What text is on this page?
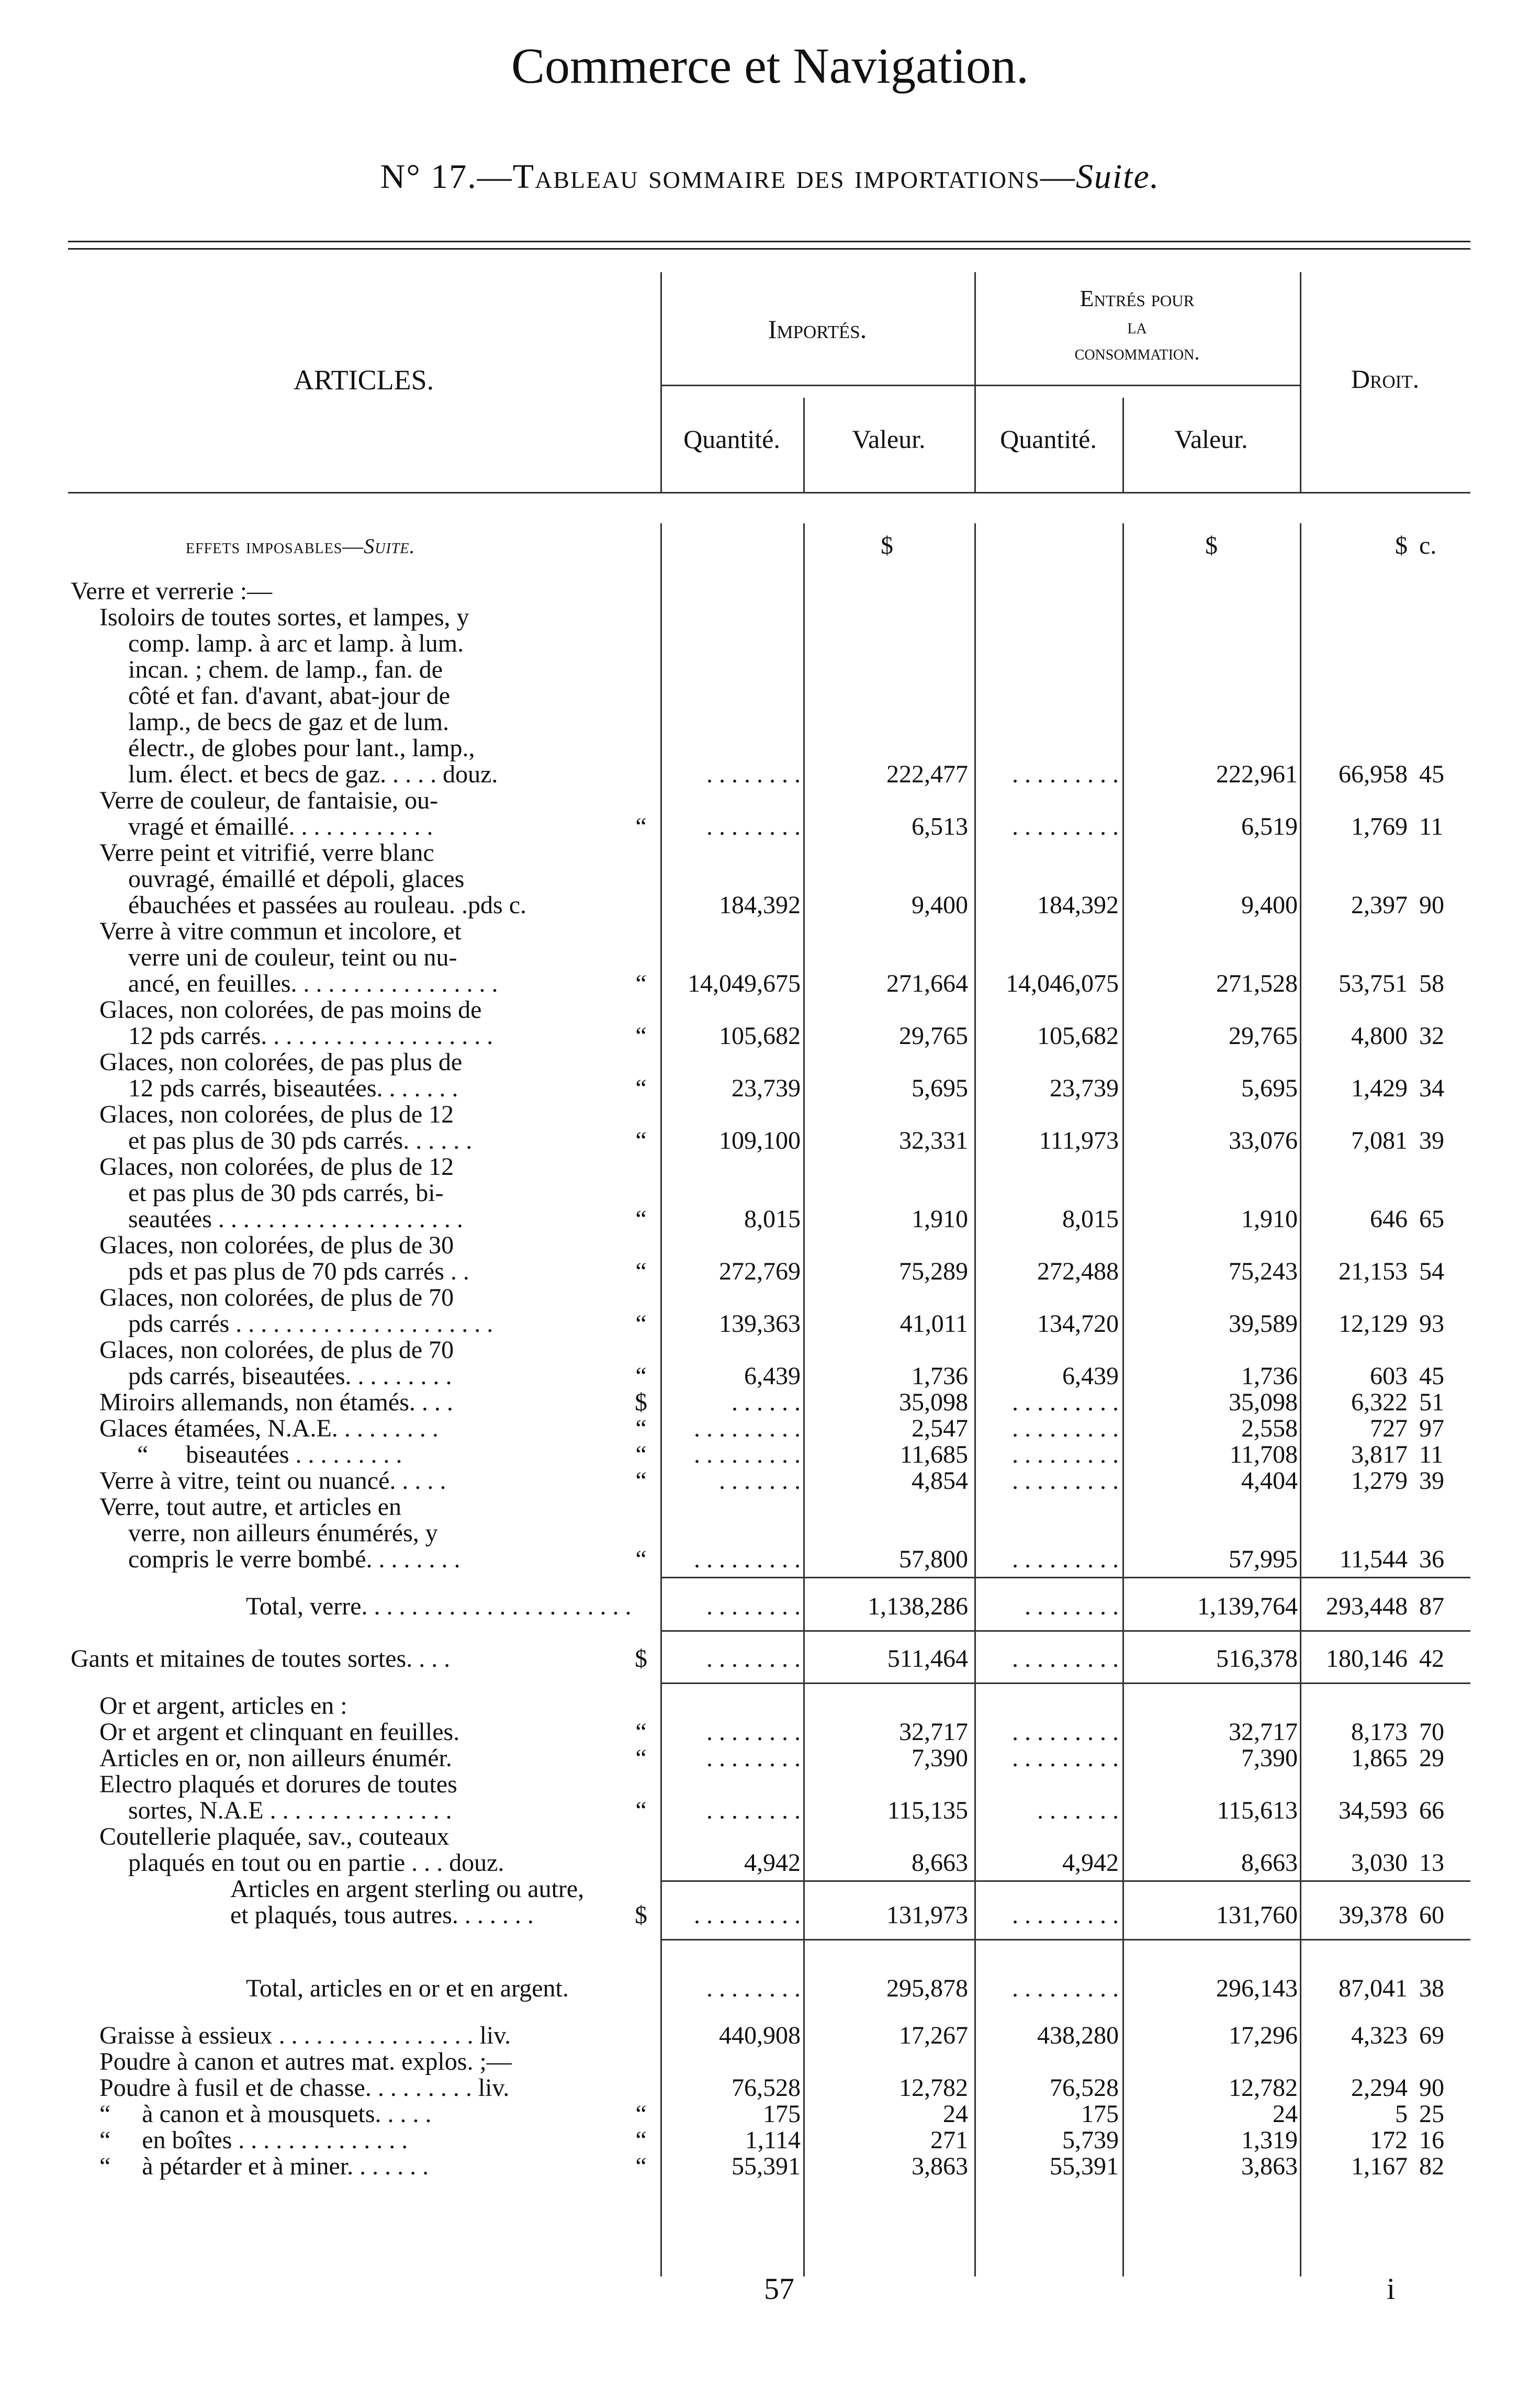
Commerce et Navigation.
N° 17.—Tableau sommaire des importations—Suite.
ARTICLES.
Importés.
Entrés pour
la
consommation.
Droit.
Quantité.	Valeur.	Quantité.	Valeur.
effets imposables—Suite.	$	$	$ c.
Verre et verrerie :—
Isoloirs de toutes sortes, et lampes, y
comp. lamp. à arc et lamp. à lum.
incan. ; chem. de lamp., fan. de
côté et fan. d'avant, abat-jour de
lamp., de becs de gaz et de lum.
électr., de globes pour lant., lamp.,
lum. élect. et becs de gaz. . . . . douz.	. . . . . . . .	222,477	. . . . . . . . .	222,961	66,958 45
Verre de couleur, de fantaisie, ou-
vragé et émaillé. . . . . . . . . . . .	“	. . . . . . . .	6,513	. . . . . . . . .	6,519	1,769 11
Verre peint et vitrifié, verre blanc
ouvragé, émaillé et dépoli, glaces
ébauchées et passées au rouleau. .pds c.	184,392	9,400	184,392	9,400	2,397 90
Verre à vitre commun et incolore, et
verre uni de couleur, teint ou nu-
ancé, en feuilles. . . . . . . . . . . . . . . . .	“	14,049,675	271,664	14,046,075	271,528	53,751 58
Glaces, non colorées, de pas moins de
12 pds carrés. . . . . . . . . . . . . . . . . . .	“	105,682	29,765	105,682	29,765	4,800 32
Glaces, non colorées, de pas plus de
12 pds carrés, biseautées. . . . . . .	“	23,739	5,695	23,739	5,695	1,429 34
Glaces, non colorées, de plus de 12
et pas plus de 30 pds carrés. . . . . .	“	109,100	32,331	111,973	33,076	7,081 39
Glaces, non colorées, de plus de 12
et pas plus de 30 pds carrés, bi-
seautées . . . . . . . . . . . . . . . . . . . .	“	8,015	1,910	8,015	1,910	646 65
Glaces, non colorées, de plus de 30
pds et pas plus de 70 pds carrés . .	“	272,769	75,289	272,488	75,243	21,153 54
Glaces, non colorées, de plus de 70
pds carrés . . . . . . . . . . . . . . . . . . . . .	“	139,363	41,011	134,720	39,589	12,129 93
Glaces, non colorées, de plus de 70
pds carrés, biseautées. . . . . . . . .	“	6,439	1,736	6,439	1,736	603 45
Miroirs allemands, non étamés. . . .	$	. . . . . .	35,098	. . . . . . . . .	35,098	6,322 51
Glaces étamées, N.A.E. . . . . . . . .	“	. . . . . . . . .	2,547	. . . . . . . . .	2,558	727 97
“      biseautées . . . . . . . . .	“	. . . . . . . . .	11,685	. . . . . . . . .	11,708	3,817 11
Verre à vitre, teint ou nuancé. . . . .	“	. . . . . . .	4,854	. . . . . . . . .	4,404	1,279 39
Verre, tout autre, et articles en
verre, non ailleurs énumérés, y
compris le verre bombé. . . . . . . .	“	. . . . . . . . .	57,800	. . . . . . . . .	57,995	11,544 36
Total, verre. . . . . . . . . . . . . . . . . . . . . .	. . . . . . . .	1,138,286	. . . . . . . .	1,139,764	293,448 87
Gants et mitaines de toutes sortes. . . .	$	. . . . . . . .	511,464	. . . . . . . . .	516,378	180,146 42
Or et argent, articles en :
Or et argent et clinquant en feuilles.	“	. . . . . . . .	32,717	. . . . . . . . .	32,717	8,173 70
Articles en or, non ailleurs énumér.	“	. . . . . . . .	7,390	. . . . . . . . .	7,390	1,865 29
Electro plaqués et dorures de toutes
sortes, N.A.E . . . . . . . . . . . . . . .	“	. . . . . . . .	115,135	. . . . . . .	115,613	34,593 66
Coutellerie plaquée, sav., couteaux
plaqués en tout ou en partie . . . douz.	4,942	8,663	4,942	8,663	3,030 13
Articles en argent sterling ou autre,
et plaqués, tous autres. . . . . . .	$	. . . . . . . . .	131,973	. . . . . . . . .	131,760	39,378 60
Total, articles en or et en argent.	. . . . . . . .	295,878	. . . . . . . . .	296,143	87,041 38
Graisse à essieux . . . . . . . . . . . . . . . . liv.	440,908	17,267	438,280	17,296	4,323 69
Poudre à canon et autres mat. explos. ;—
Poudre à fusil et de chasse. . . . . . . . . liv.	76,528	12,782	76,528	12,782	2,294 90
“     à canon et à mousquets. . . . .	“	175	24	175	24	5 25
“     en boîtes . . . . . . . . . . . . . .	“	1,114	271	5,739	1,319	172 16
“     à pétarder et à miner. . . . . . .	“	55,391	3,863	55,391	3,863	1,167 82
57	i
